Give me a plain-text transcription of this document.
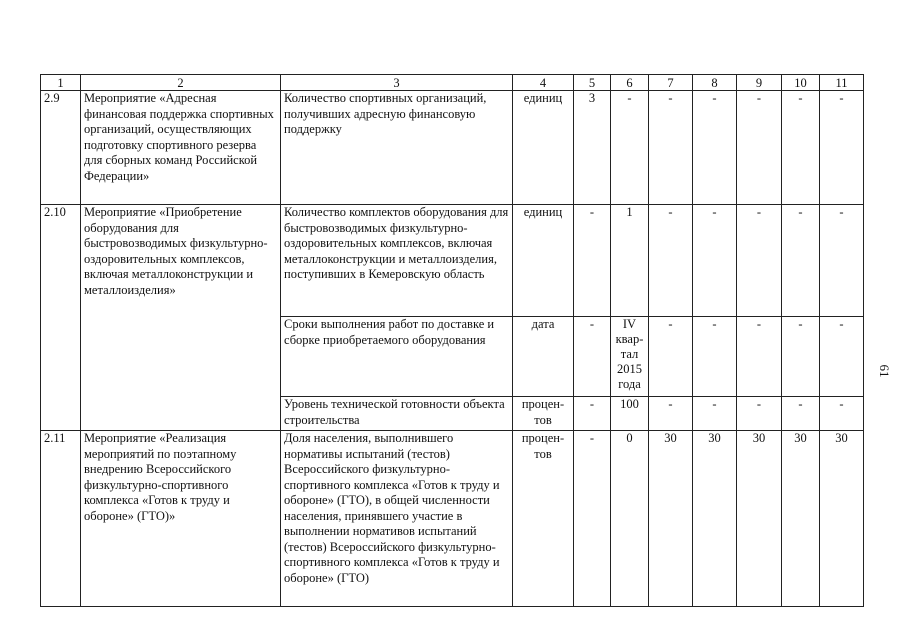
1	2	3	4	5	6	7	8	9	10	11
2.9	Мероприятие «Адресная финансовая поддержка спортивных организаций, осуществляющих подготовку спортивного резерва для сборных команд Российской Федерации»	Количество спортивных организаций, получивших адресную финансовую поддержку	единиц	3	-	-	-	-	-	-
2.10	Мероприятие «Приобретение оборудования для быстровозводимых физкультурно-оздоровительных комплексов, включая металлоконструкции и металлоизделия»	Количество комплектов оборудования для быстровозводимых физкультурно-оздоровительных комплексов, включая металлоконструкции и металлоизделия, поступивших в Кемеровскую область	единиц	-	1	-	-	-	-	-
		Сроки выполнения работ по доставке и сборке приобретаемого оборудования	дата	-	IV квар-тал 2015 года	-	-	-	-	-
		Уровень технической готовности объекта строительства	процен-тов	-	100	-	-	-	-	-
2.11	Мероприятие «Реализация мероприятий по поэтапному внедрению Всероссийского физкультурно-спортивного комплекса «Готов к труду и обороне» (ГТО)»	Доля населения, выполнившего нормативы испытаний (тестов) Всероссийского физкультурно-спортивного комплекса «Готов к труду и обороне» (ГТО), в общей численности населения, принявшего участие в выполнении нормативов испытаний (тестов) Всероссийского физкультурно-спортивного комплекса «Готов к труду и обороне» (ГТО)	процен-тов	-	0	30	30	30	30	30
61
